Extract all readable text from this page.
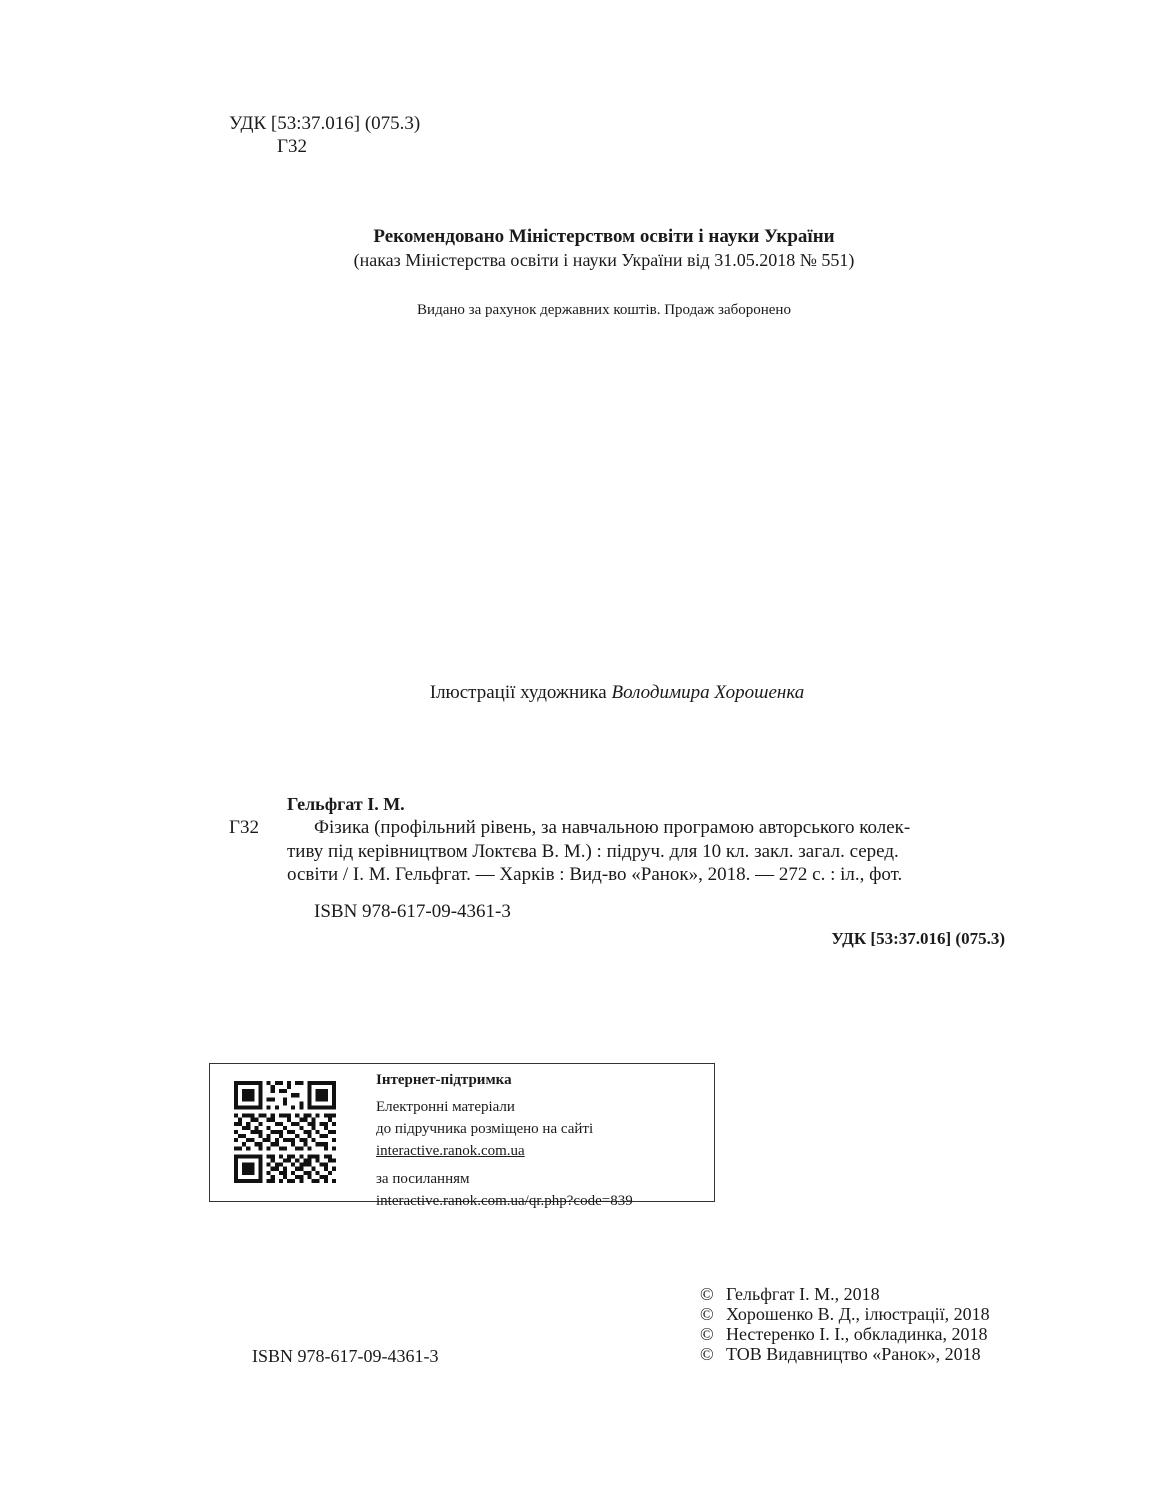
УДК [53:37.016] (075.3)
Г32
Рекомендовано Міністерством освіти і науки України
(наказ Міністерства освіти і науки України від 31.05.2018 № 551)
Видано за рахунок державних коштів. Продаж заборонено
Ілюстрації художника Володимира Хорошенка
Гельфгат І. М.
Г32	Фізика (профільний рівень, за навчальною програмою авторського колек-
тиву під керівництвом Локтєва В. М.) : підруч. для 10 кл. закл. загал. серед.
освіти / І. М. Гельфгат. — Харків : Вид-во «Ранок», 2018. — 272 с. : іл., фот.
ISBN 978-617-09-4361-3
УДК [53:37.016] (075.3)
Інтернет-підтримка
Електронні матеріали
до підручника розміщено на сайті
interactive.ranok.com.ua
за посиланням
interactive.ranok.com.ua/qr.php?code=839
© Гельфгат І. М., 2018
© Хорошенко В. Д., ілюстрації, 2018
© Нестеренко І. І., обкладинка, 2018
© ТОВ Видавництво «Ранок», 2018
ISBN 978-617-09-4361-3
